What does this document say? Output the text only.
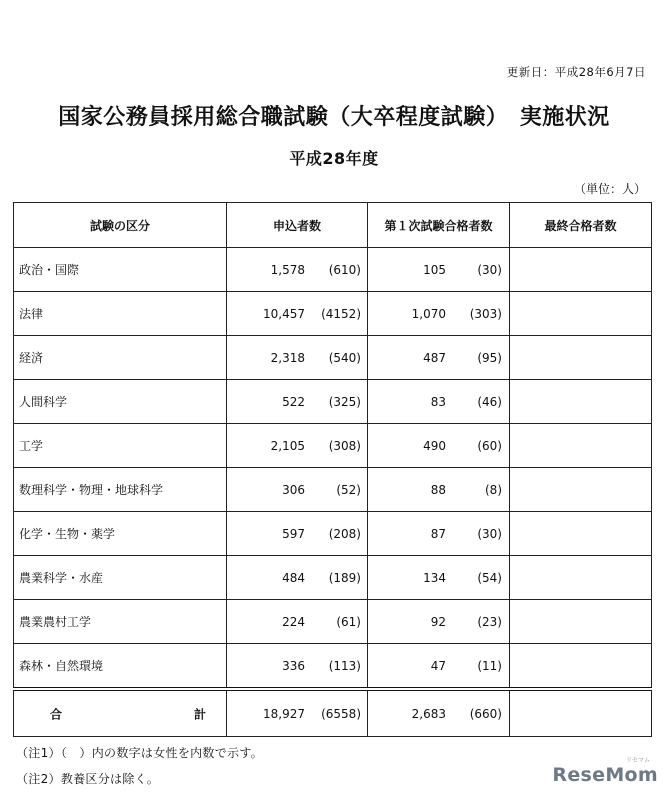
更新日：平成28年6月7日
国家公務員採用総合職試験（大卒程度試験）　実施状況
平成28年度
（単位：人）
試験の区分	申込者数	第１次試験合格者数	最終合格者数
政治・国際	1,578 (610)	105 (30)	
法律	10,457 (4152)	1,070 (303)	
経済	2,318 (540)	487 (95)	
人間科学	522 (325)	83 (46)	
工学	2,105 (308)	490 (60)	
数理科学・物理・地球科学	306 (52)	88 (8)	
化学・生物・薬学	597 (208)	87 (30)	
農業科学・水産	484 (189)	134 (54)	
農業農村工学	224 (61)	92 (23)	
森林・自然環境	336 (113)	47 (11)	

合 計	18,927 (6558)	2,683 (660)	
（注1）（　）内の数字は女性を内数で示す。
（注2）教養区分は除く。
リセマム
ReseMom
